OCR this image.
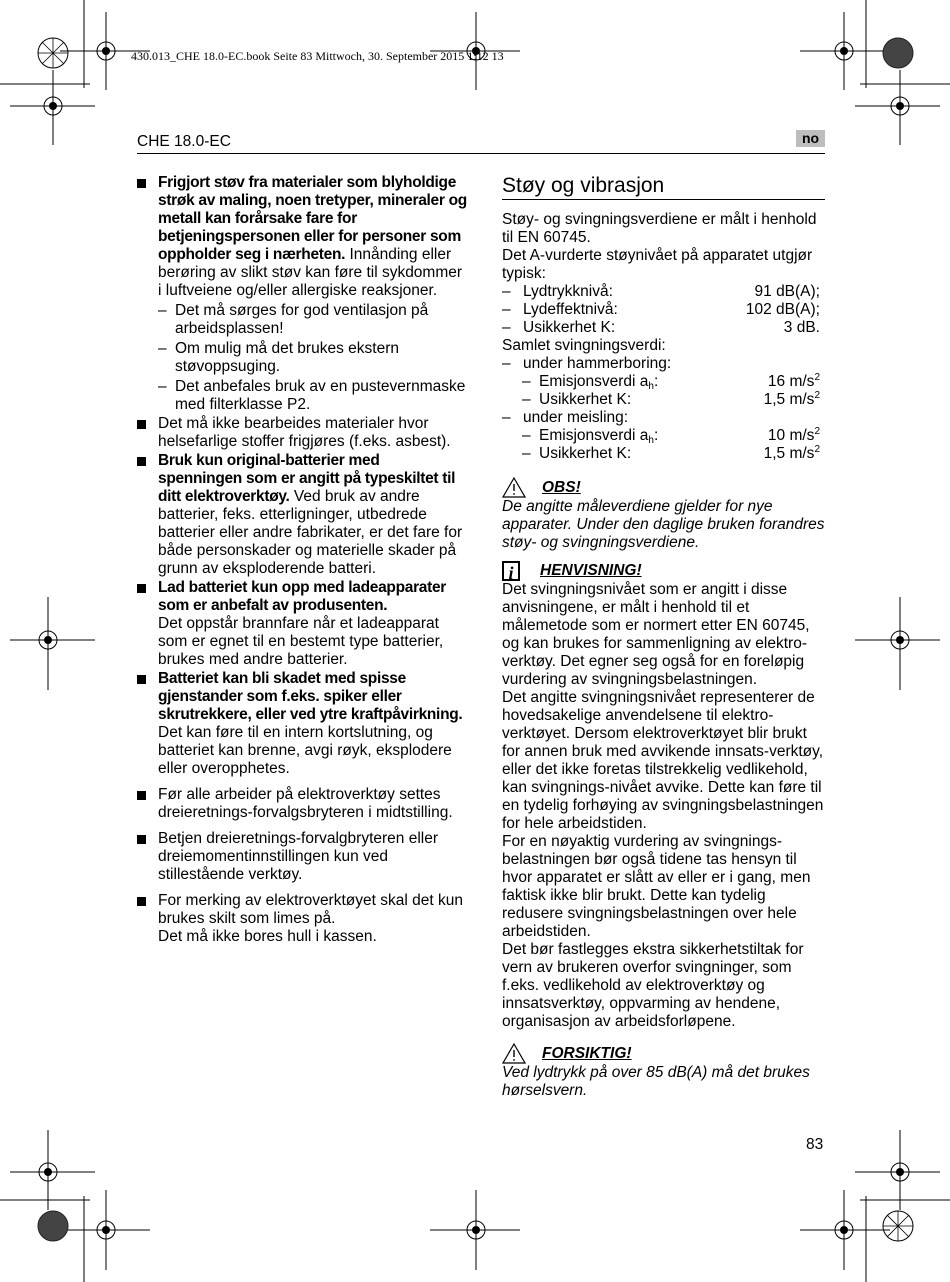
430.013_CHE 18.0-EC.book Seite 83 Mittwoch, 30. September 2015 1:12 13
CHE 18.0-EC	no
Frigjort støv fra materialer som blyholdige strøk av maling, noen tretyper, mineraler og metall kan forårsake fare for betjeningspersonen eller for personer som oppholder seg i nærheten. Innånding eller berøring av slikt støv kan føre til sykdommer i luftveiene og/eller allergiske reaksjoner.
– Det må sørges for god ventilasjon på arbeidsplassen!
– Om mulig må det brukes ekstern støvoppsuging.
– Det anbefales bruk av en pustevernmaske med filterklasse P2.
Det må ikke bearbeides materialer hvor helsefarlige stoffer frigjøres (f.eks. asbest).
Bruk kun original-batterier med spenningen som er angitt på typeskiltet til ditt elektroverktøy. Ved bruk av andre batterier, feks. etterligninger, utbedrede batterier eller andre fabrikater, er det fare for både personskader og materielle skader på grunn av eksploderende batteri.
Lad batteriet kun opp med ladeapparater som er anbefalt av produsenten.
Det oppstår brannfare når et ladeapparat som er egnet til en bestemt type batterier, brukes med andre batterier.
Batteriet kan bli skadet med spisse gjenstander som f.eks. spiker eller skrutrekkere, eller ved ytre kraftpåvirkning.
Det kan føre til en intern kortslutning, og batteriet kan brenne, avgi røyk, eksplodere eller overopphetes.
Før alle arbeider på elektroverktøy settes dreieretnings-forvalgsbryteren i midtstilling.
Betjen dreieretnings-forvalgbryteren eller dreiemomentinnstillingen kun ved stillestående verktøy.
For merking av elektroverktøyet skal det kun brukes skilt som limes på.
Det må ikke bores hull i kassen.
Støy og vibrasjon
Støy- og svingningsverdiene er målt i henhold til EN 60745.
Det A-vurderte støynivået på apparatet utgjør typisk:
– Lydtrykknivå:	91 dB(A);
– Lydeffektnivå:	102 dB(A);
– Usikkerhet K:	3 dB.
Samlet svingningsverdi:
– under hammerboring:
– Emisjonsverdi $a_h$:	16 $m/s^2$
– Usikkerhet K:	1,5 $m/s^2$
– under meisling:
– Emisjonsverdi $a_h$:	10 $m/s^2$
– Usikkerhet K:	1,5 $m/s^2$
OBS!
De angitte måleverdiene gjelder for nye apparater. Under den daglige bruken forandres støy- og svingningsverdiene.
i	HENVISNING!
Det svingningsnivået som er angitt i disse anvisningene, er målt i henhold til et målemetode som er normert etter EN 60745, og kan brukes for sammenligning av elektro-verktøy. Det egner seg også for en foreløpig vurdering av svingningsbelastningen.
Det angitte svingningsnivået representerer de hovedsakelige anvendelsene til elektro-verktøyet. Dersom elektroverktøyet blir brukt for annen bruk med avvikende innsats-verktøy, eller det ikke foretas tilstrekkelig vedlikehold, kan svingnings-nivået avvike. Dette kan føre til en tydelig forhøying av svingningsbelastningen for hele arbeidstiden.
For en nøyaktig vurdering av svingnings-belastningen bør også tidene tas hensyn til hvor apparatet er slått av eller er i gang, men faktisk ikke blir brukt. Dette kan tydelig redusere svingningsbelastningen over hele arbeidstiden.
Det bør fastlegges ekstra sikkerhetstiltak for vern av brukeren overfor svingninger, som f.eks. vedlikehold av elektroverktøy og innsatsverktøy, oppvarming av hendene, organisasjon av arbeidsforløpene.
FORSIKTIG!
Ved lydtrykk på over 85 dB(A) må det brukes hørselsvern.
83
